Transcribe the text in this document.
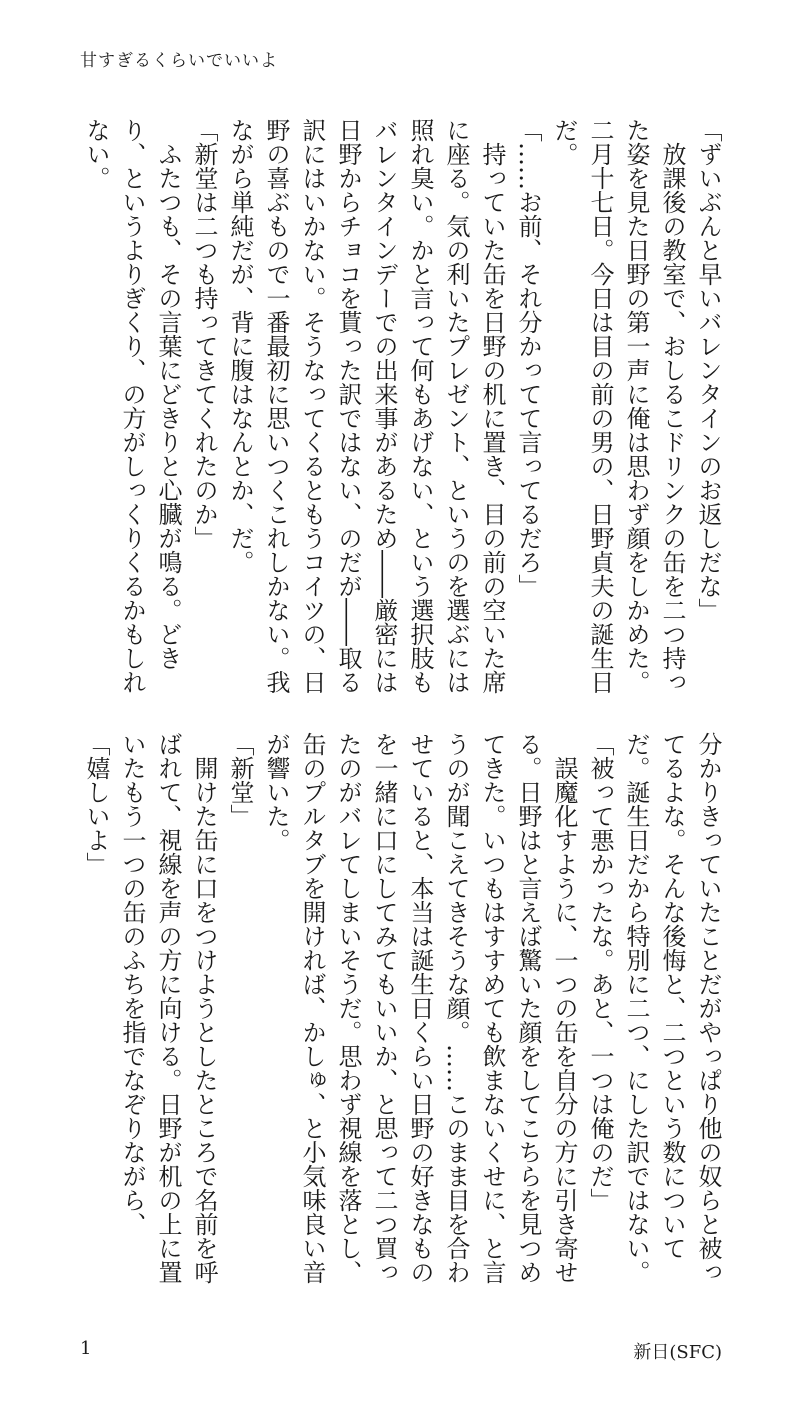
甘すぎるくらいでいいよ

「ずいぶんと早いバレンタインのお返しだな」

放課後の教室で、おしるこドリンクの缶を二つ持った姿を見た日野の第一声に俺は思わず顔をしかめた。二月十七日。今日は目の前の男の、日野貞夫の誕生日だ。

「……お前、それ分かってて言ってるだろ」

持っていた缶を日野の机に置き、目の前の空いた席に座る。気の利いたプレゼント、というのを選ぶには照れ臭い。かと言って何もあげない、という選択肢もバレンタインデーでの出来事があるため――厳密には日野からチョコを貰った訳ではない、のだが――取る訳にはいかない。そうなってくるともうコイツの、日野の喜ぶもので一番最初に思いつくこれしかない。我ながら単純だが、背に腹はなんとか、だ。

「新堂は二つも持ってきてくれたのか」

ふたつも、その言葉にどきりと心臓が鳴る。どきり、というよりぎくり、の方がしっくりくるかもしれない。

分かりきっていたことだがやっぱり他の奴らと被ってるよな。そんな後悔と、二つという数についてだ。誕生日だから特別に二つ、にした訳ではない。

「被って悪かったな。あと、一つは俺のだ」

誤魔化すように、一つの缶を自分の方に引き寄せる。日野はと言えば驚いた顔をしてこちらを見つめてきた。いつもはすすめても飲まないくせに、と言うのが聞こえてきそうな顔。……このまま目を合わせていると、本当は誕生日くらい日野の好きなものを一緒に口にしてみてもいいか、と思って二つ買ったのがバレてしまいそうだ。思わず視線を落とし、缶のプルタブを開ければ、かしゅ、と小気味良い音が響いた。

「新堂」

開けた缶に口をつけようとしたところで名前を呼ばれて、視線を声の方に向ける。日野が机の上に置いたもう一つの缶のふちを指でなぞりながら、

「嬉しいよ」

1	新日(SFC)
